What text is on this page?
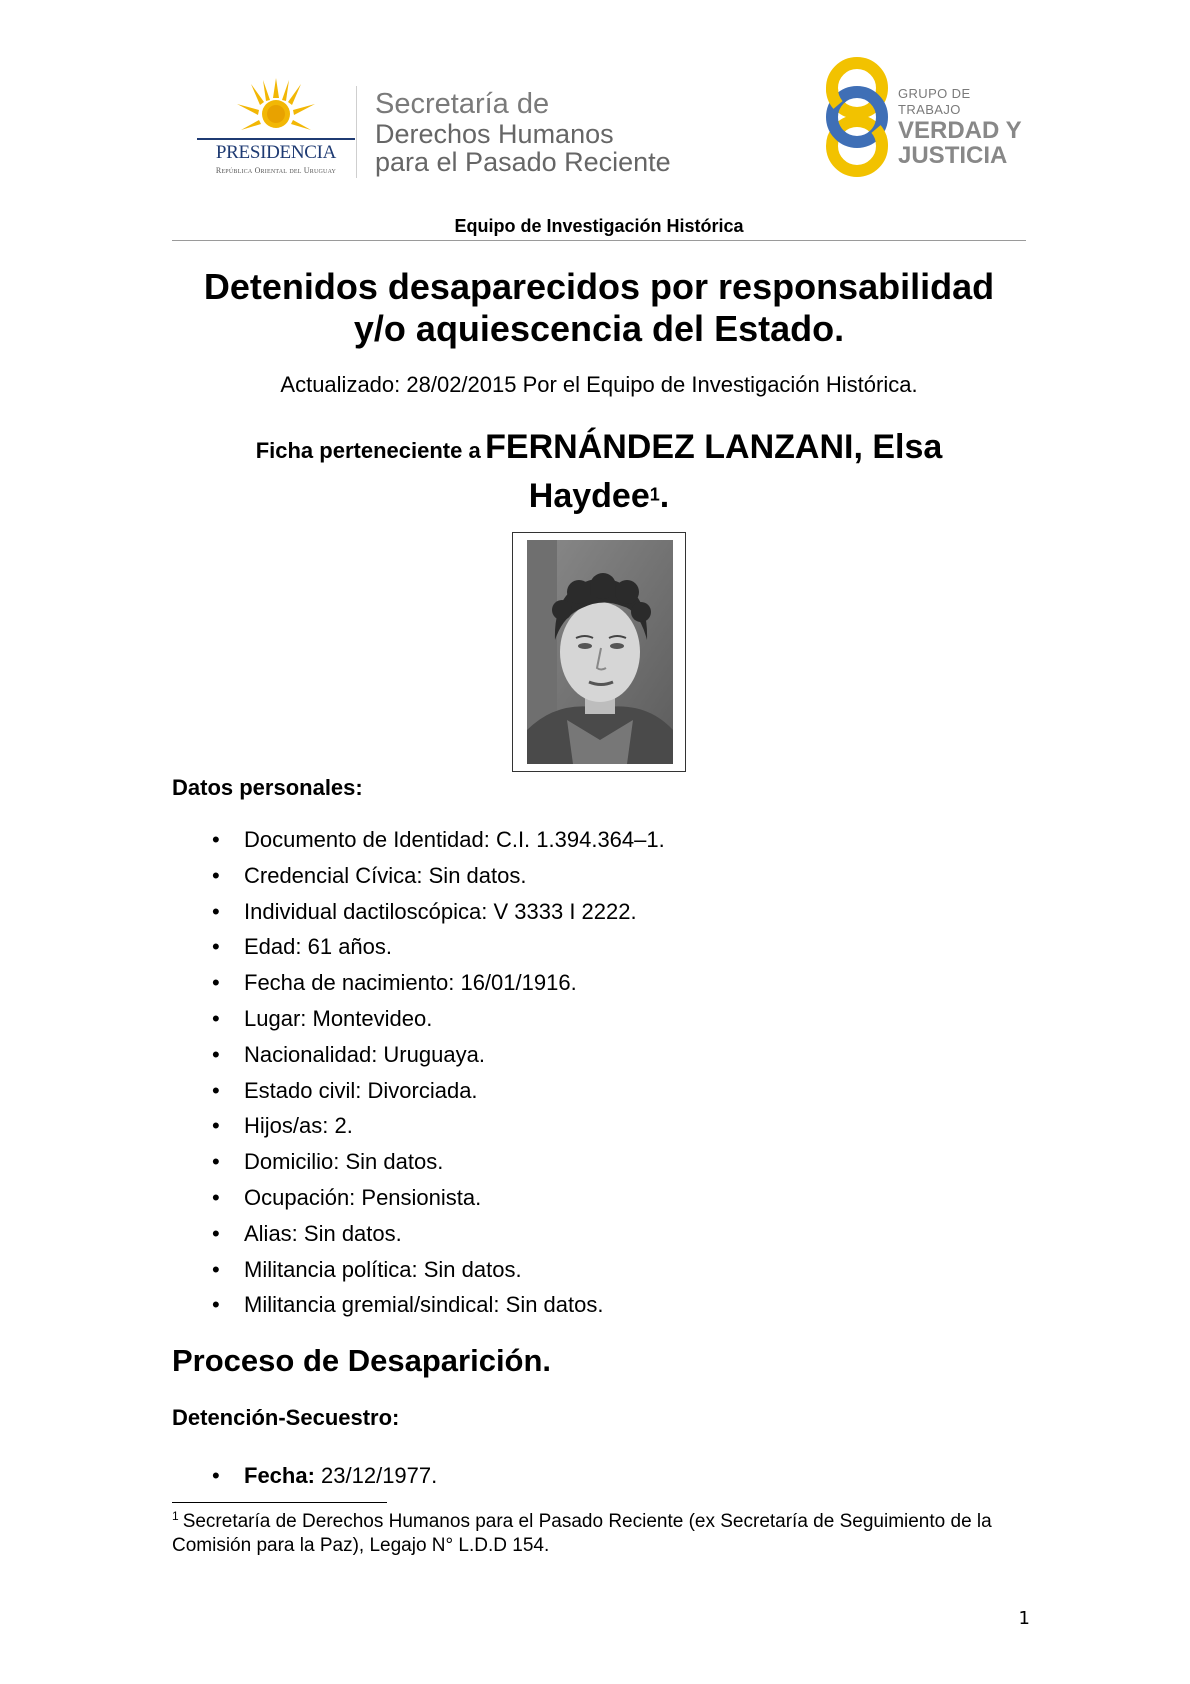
PRESIDENCIA
República Oriental del Uruguay
Secretaría de
Derechos Humanos
para el Pasado Reciente
GRUPO DE TRABAJO
VERDAD Y
JUSTICIA
Equipo de Investigación Histórica
Detenidos desaparecidos por responsabilidad
y/o aquiescencia del Estado.
Actualizado: 28/02/2015 Por el Equipo de Investigación Histórica.
Ficha perteneciente a FERNÁNDEZ LANZANI, Elsa
Haydee1.
Datos personales:
• Documento de Identidad: C.I. 1.394.364–1.
• Credencial Cívica: Sin datos.
• Individual dactiloscópica: V 3333 I 2222.
• Edad: 61 años.
• Fecha de nacimiento: 16/01/1916.
• Lugar: Montevideo.
• Nacionalidad: Uruguaya.
• Estado civil: Divorciada.
• Hijos/as: 2.
• Domicilio: Sin datos.
• Ocupación: Pensionista.
• Alias: Sin datos.
• Militancia política: Sin datos.
• Militancia gremial/sindical: Sin datos.
Proceso de Desaparición.
Detención-Secuestro:
• Fecha: 23/12/1977.
$^1$ Secretaría de Derechos Humanos para el Pasado Reciente (ex Secretaría de Seguimiento de la Comisión para la Paz), Legajo N° L.D.D 154.
1
